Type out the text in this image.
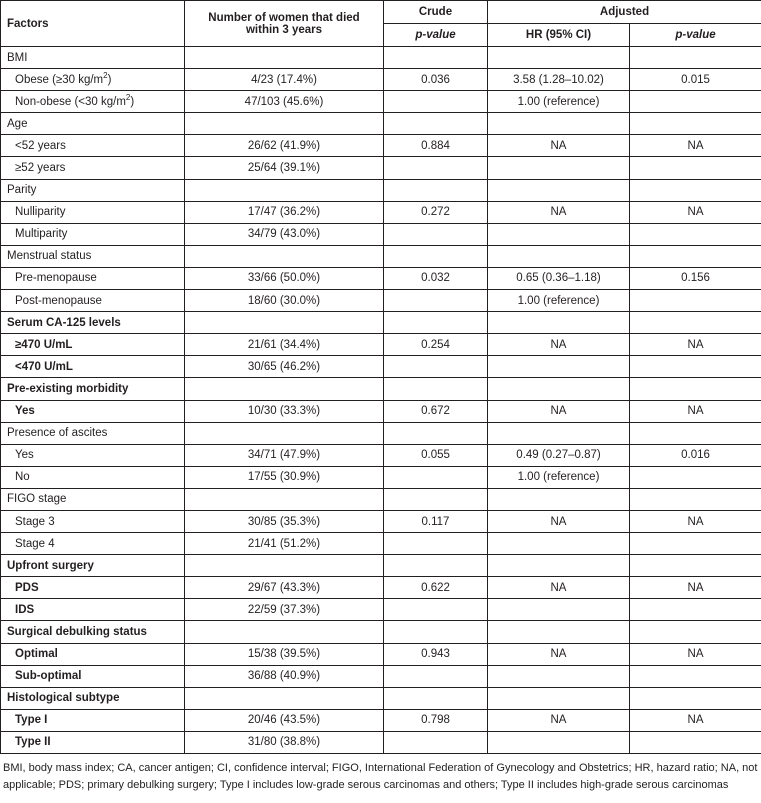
Factors	Number of women that died within 3 years	Crude	Adjusted	
		p-value	HR (95% CI)	p-value
BMI				
Obese (≥30 $kg/m^2$)	4/23 (17.4%)	0.036	3.58 (1.28–10.02)	0.015
Non-obese (<30 $kg/m^2$)	47/103 (45.6%)		1.00 (reference)	
Age				
<52 years	26/62 (41.9%)	0.884	NA	NA
≥52 years	25/64 (39.1%)			
Parity				
Nulliparity	17/47 (36.2%)	0.272	NA	NA
Multiparity	34/79 (43.0%)			
Menstrual status				
Pre-menopause	33/66 (50.0%)	0.032	0.65 (0.36–1.18)	0.156
Post-menopause	18/60 (30.0%)		1.00 (reference)	
Serum CA-125 levels				
≥470 U/mL	21/61 (34.4%)	0.254	NA	NA
<470 U/mL	30/65 (46.2%)			
Pre-existing morbidity				
Yes	10/30 (33.3%)	0.672	NA	NA
Presence of ascites				
Yes	34/71 (47.9%)	0.055	0.49 (0.27–0.87)	0.016
No	17/55 (30.9%)		1.00 (reference)	
FIGO stage				
Stage 3	30/85 (35.3%)	0.117	NA	NA
Stage 4	21/41 (51.2%)			
Upfront surgery				
PDS	29/67 (43.3%)	0.622	NA	NA
IDS	22/59 (37.3%)			
Surgical debulking status				
Optimal	15/38 (39.5%)	0.943	NA	NA
Sub-optimal	36/88 (40.9%)			
Histological subtype				
Type I	20/46 (43.5%)	0.798	NA	NA
Type II	31/80 (38.8%)			
BMI, body mass index; CA, cancer antigen; CI, confidence interval; FIGO, International Federation of Gynecology and Obstetrics; HR, hazard ratio; NA, not applicable; PDS; primary debulking surgery; Type I includes low-grade serous carcinomas and others; Type II includes high-grade serous carcinomas
